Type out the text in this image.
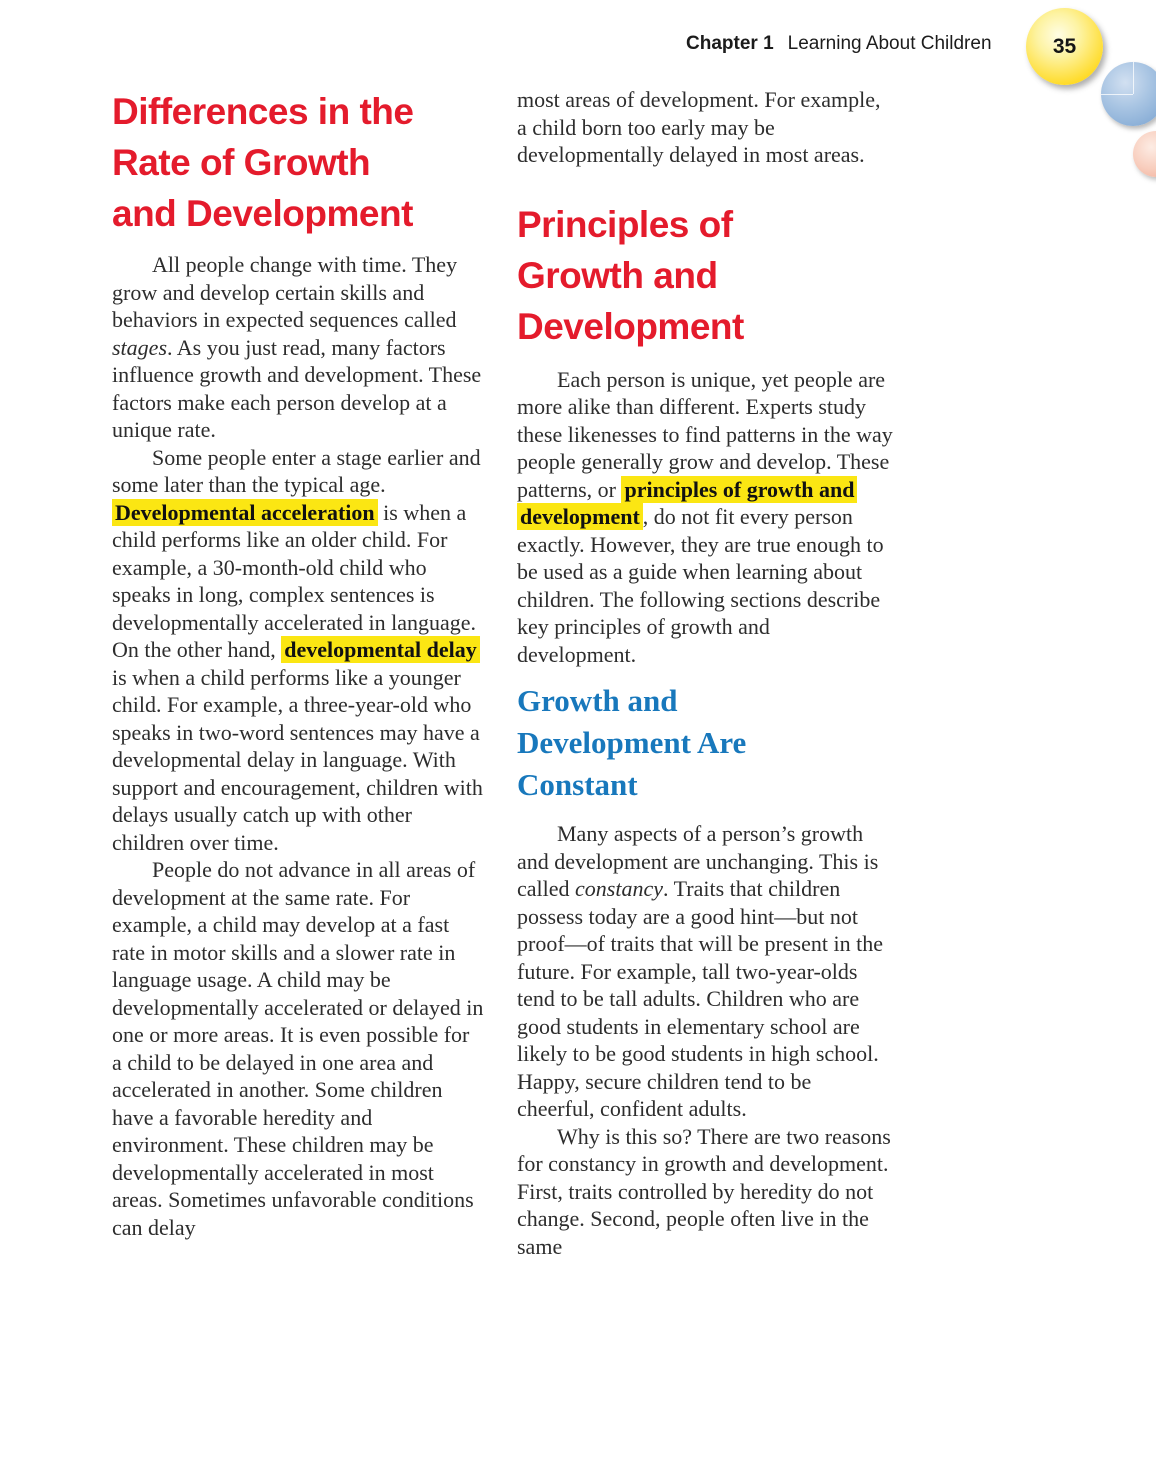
Chapter 1 Learning About Children	35
Differences in the
Rate of Growth
and Development

All people change with time. They grow and develop certain skills and behaviors in expected sequences called stages. As you just read, many factors influence growth and development. These factors make each person develop at a unique rate.

Some people enter a stage earlier and some later than the typical age. Developmental acceleration is when a child performs like an older child. For example, a 30-month-old child who speaks in long, complex sentences is developmentally accelerated in language. On the other hand, developmental delay is when a child performs like a younger child. For example, a three-year-old who speaks in two-word sentences may have a developmental delay in language. With support and encouragement, children with delays usually catch up with other children over time.

People do not advance in all areas of development at the same rate. For example, a child may develop at a fast rate in motor skills and a slower rate in language usage. A child may be developmentally accelerated or delayed in one or more areas. It is even possible for a child to be delayed in one area and accelerated in another. Some children have a favorable heredity and environment. These children may be developmentally accelerated in most areas. Sometimes unfavorable conditions can delay

most areas of development. For example, a child born too early may be developmentally delayed in most areas.

Principles of
Growth and
Development

Each person is unique, yet people are more alike than different. Experts study these likenesses to find patterns in the way people generally grow and develop. These patterns, or principles of growth and development , do not fit every person exactly. However, they are true enough to be used as a guide when learning about children. The following sections describe key principles of growth and development.

Growth and
Development Are
Constant

Many aspects of a person’s growth and development are unchanging. This is called constancy. Traits that children possess today are a good hint—but not proof—of traits that will be present in the future. For example, tall two-year-olds tend to be tall adults. Children who are good students in elementary school are likely to be good students in high school. Happy, secure children tend to be cheerful, confident adults.

Why is this so? There are two reasons for constancy in growth and development. First, traits controlled by heredity do not change. Second, people often live in the same
